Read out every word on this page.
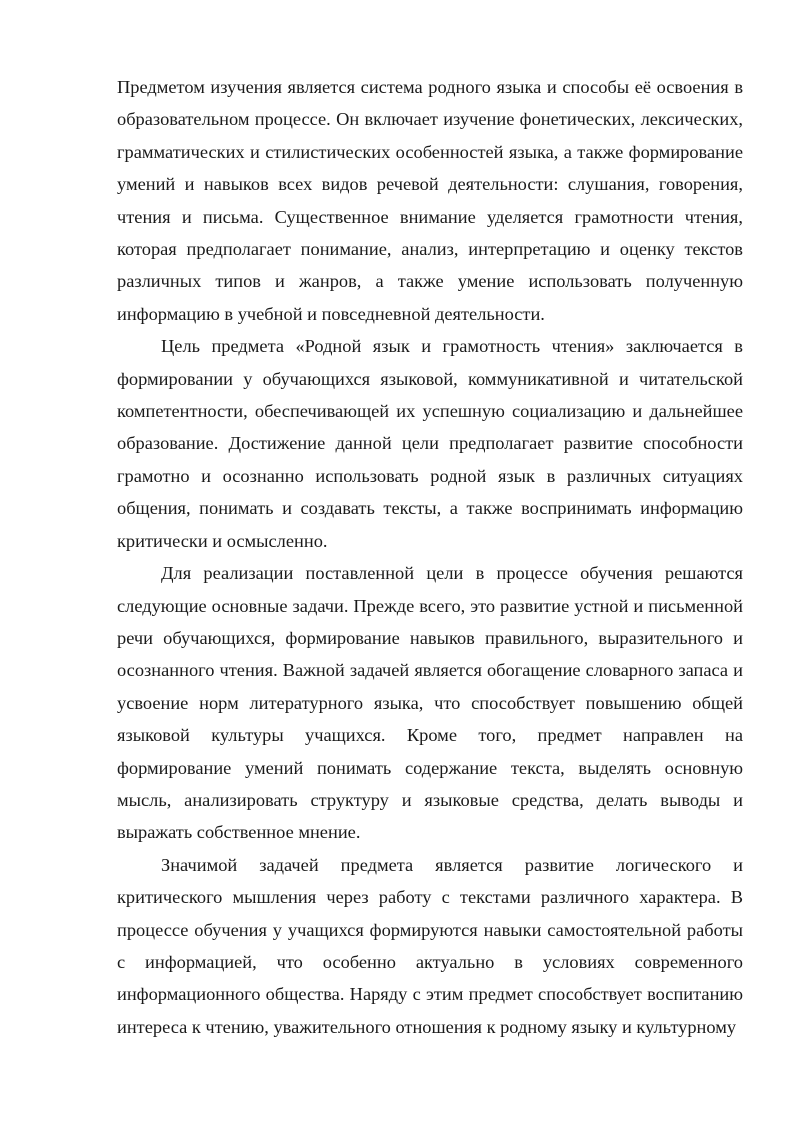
Предметом изучения является система родного языка и способы её освоения в образовательном процессе. Он включает изучение фонетических, лексических, грамматических и стилистических особенностей языка, а также формирование умений и навыков всех видов речевой деятельности: слушания, говорения, чтения и письма. Существенное внимание уделяется грамотности чтения, которая предполагает понимание, анализ, интерпретацию и оценку текстов различных типов и жанров, а также умение использовать полученную информацию в учебной и повседневной деятельности.

Цель предмета «Родной язык и грамотность чтения» заключается в формировании у обучающихся языковой, коммуникативной и читательской компетентности, обеспечивающей их успешную социализацию и дальнейшее образование. Достижение данной цели предполагает развитие способности грамотно и осознанно использовать родной язык в различных ситуациях общения, понимать и создавать тексты, а также воспринимать информацию критически и осмысленно.

Для реализации поставленной цели в процессе обучения решаются следующие основные задачи. Прежде всего, это развитие устной и письменной речи обучающихся, формирование навыков правильного, выразительного и осознанного чтения. Важной задачей является обогащение словарного запаса и усвоение норм литературного языка, что способствует повышению общей языковой культуры учащихся. Кроме того, предмет направлен на формирование умений понимать содержание текста, выделять основную мысль, анализировать структуру и языковые средства, делать выводы и выражать собственное мнение.

Значимой задачей предмета является развитие логического и критического мышления через работу с текстами различного характера. В процессе обучения у учащихся формируются навыки самостоятельной работы с информацией, что особенно актуально в условиях современного информационного общества. Наряду с этим предмет способствует воспитанию интереса к чтению, уважительного отношения к родному языку и культурному
